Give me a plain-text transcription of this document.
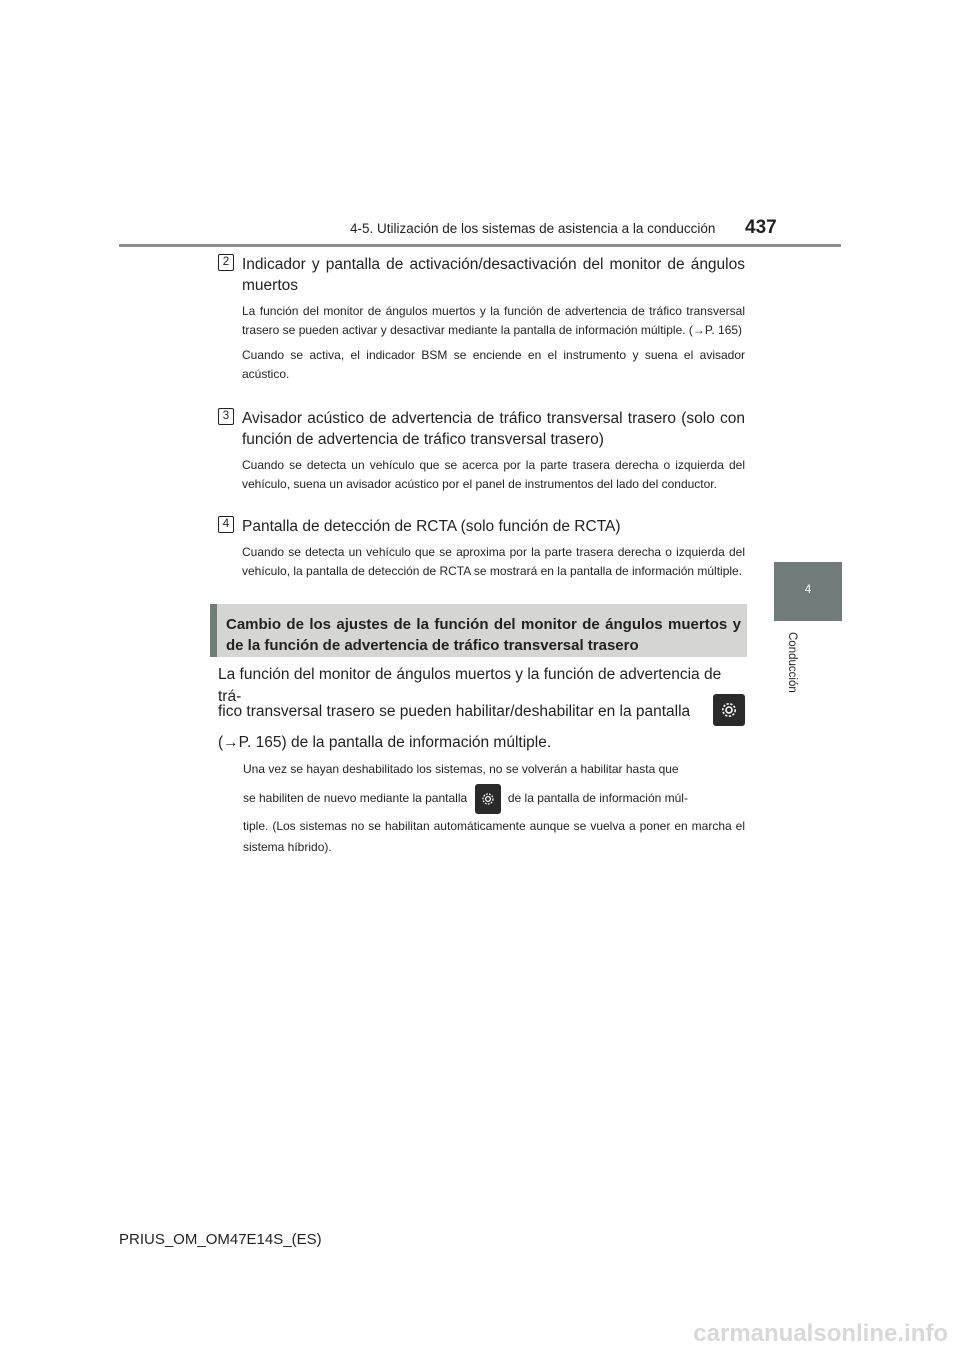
4-5. Utilización de los sistemas de asistencia a la conducción 437
4
Conducción
2 Indicador y pantalla de activación/desactivación del monitor de ángulos muertos

La función del monitor de ángulos muertos y la función de advertencia de tráfico transversal trasero se pueden activar y desactivar mediante la pantalla de información múltiple. (→P. 165)

Cuando se activa, el indicador BSM se enciende en el instrumento y suena el avisador acústico.

3 Avisador acústico de advertencia de tráfico transversal trasero (solo con función de advertencia de tráfico transversal trasero)

Cuando se detecta un vehículo que se acerca por la parte trasera derecha o izquierda del vehículo, suena un avisador acústico por el panel de instrumentos del lado del conductor.

4 Pantalla de detección de RCTA (solo función de RCTA)

Cuando se detecta un vehículo que se aproxima por la parte trasera derecha o izquierda del vehículo, la pantalla de detección de RCTA se mostrará en la pantalla de información múltiple.

Cambio de los ajustes de la función del monitor de ángulos muertos y de la función de advertencia de tráfico transversal trasero
La función del monitor de ángulos muertos y la función de advertencia de trá-
fico transversal trasero se pueden habilitar/deshabilitar en la pantalla
(→P. 165) de la pantalla de información múltiple.
Una vez se hayan deshabilitado los sistemas, no se volverán a habilitar hasta que
se habiliten de nuevo mediante la pantalla	de la pantalla de información múl-
tiple. (Los sistemas no se habilitan automáticamente aunque se vuelva a poner en marcha el sistema híbrido).
PRIUS_OM_OM47E14S_(ES)
carmanualsonline.info
